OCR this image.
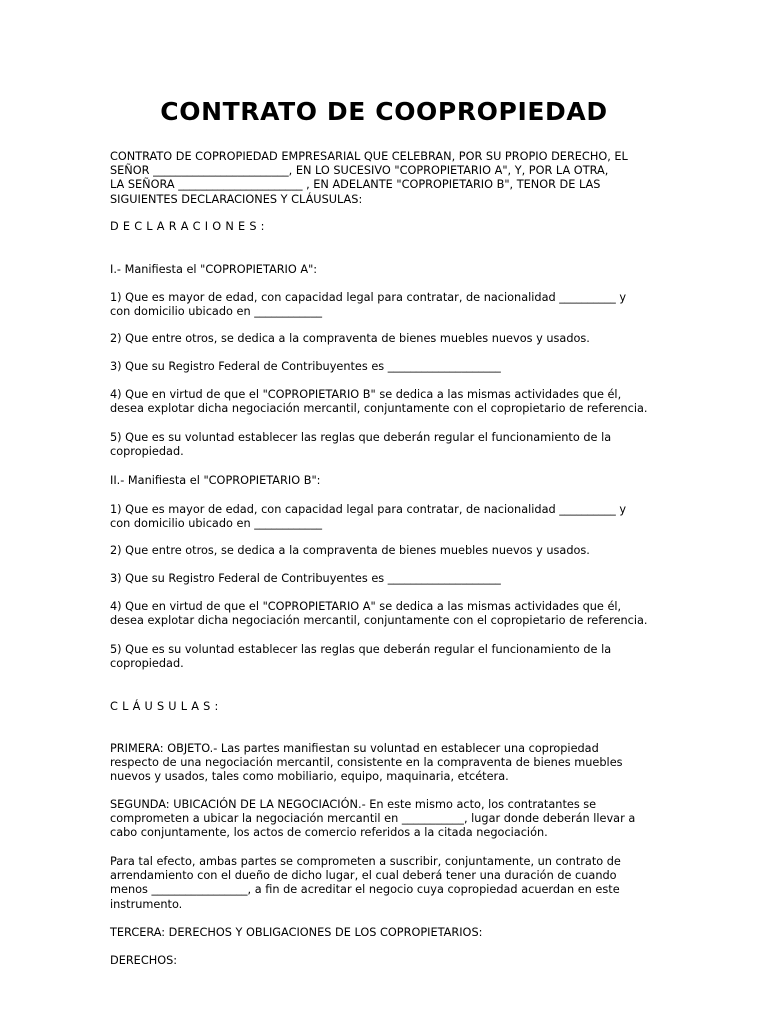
CONTRATO DE COOPROPIEDAD

CONTRATO DE COPROPIEDAD EMPRESARIAL QUE CELEBRAN, POR SU PROPIO DERECHO, EL
SEÑOR ________________________, EN LO SUCESIVO "COPROPIETARIO A", Y, POR LA OTRA,
LA SEÑORA ______________________ , EN ADELANTE "COPROPIETARIO B", TENOR DE LAS
SIGUIENTES DECLARACIONES Y CLÁUSULAS:

D E C L A R A C I O N E S :

I.- Manifiesta el "COPROPIETARIO A":

1) Que es mayor de edad, con capacidad legal para contratar, de nacionalidad __________ y
con domicilio ubicado en ____________

2) Que entre otros, se dedica a la compraventa de bienes muebles nuevos y usados.

3) Que su Registro Federal de Contribuyentes es ____________________

4) Que en virtud de que el "COPROPIETARIO B" se dedica a las mismas actividades que él,
desea explotar dicha negociación mercantil, conjuntamente con el copropietario de referencia.

5) Que es su voluntad establecer las reglas que deberán regular el funcionamiento de la
copropiedad.

II.- Manifiesta el "COPROPIETARIO B":

1) Que es mayor de edad, con capacidad legal para contratar, de nacionalidad __________ y
con domicilio ubicado en ____________

2) Que entre otros, se dedica a la compraventa de bienes muebles nuevos y usados.

3) Que su Registro Federal de Contribuyentes es ____________________

4) Que en virtud de que el "COPROPIETARIO A" se dedica a las mismas actividades que él,
desea explotar dicha negociación mercantil, conjuntamente con el copropietario de referencia.

5) Que es su voluntad establecer las reglas que deberán regular el funcionamiento de la
copropiedad.

C L Á U S U L A S :

PRIMERA: OBJETO.- Las partes manifiestan su voluntad en establecer una copropiedad
respecto de una negociación mercantil, consistente en la compraventa de bienes muebles
nuevos y usados, tales como mobiliario, equipo, maquinaria, etcétera.

SEGUNDA: UBICACIÓN DE LA NEGOCIACIÓN.- En este mismo acto, los contratantes se
comprometen a ubicar la negociación mercantil en ___________, lugar donde deberán llevar a
cabo conjuntamente, los actos de comercio referidos a la citada negociación.

Para tal efecto, ambas partes se comprometen a suscribir, conjuntamente, un contrato de
arrendamiento con el dueño de dicho lugar, el cual deberá tener una duración de cuando
menos _________________, a fin de acreditar el negocio cuya copropiedad acuerdan en este
instrumento.

TERCERA: DERECHOS Y OBLIGACIONES DE LOS COPROPIETARIOS:

DERECHOS:
